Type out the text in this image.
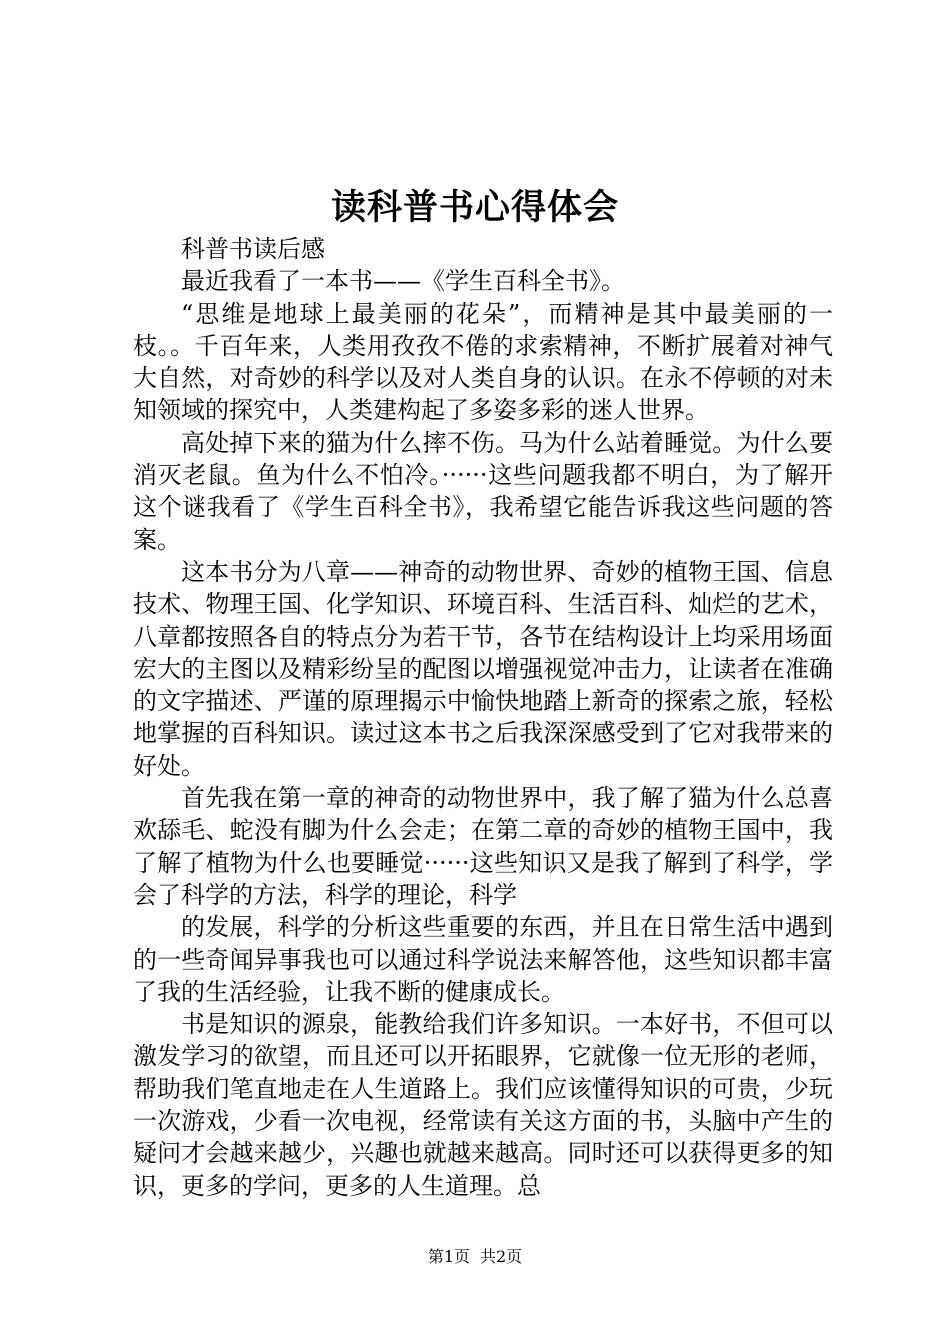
读科普书心得体会

科普书读后感

最近我看了一本书——《学生百科全书》。

“思维是地球上最美丽的花朵”，而精神是其中最美丽的一枝。。千百年来，人类用孜孜不倦的求索精神，不断扩展着对神气大自然，对奇妙的科学以及对人类自身的认识。在永不停顿的对未知领域的探究中，人类建构起了多姿多彩的迷人世界。

高处掉下来的猫为什么摔不伤。马为什么站着睡觉。为什么要消灭老鼠。鱼为什么不怕冷。······这些问题我都不明白，为了解开这个谜我看了《学生百科全书》，我希望它能告诉我这些问题的答案。

这本书分为八章——神奇的动物世界、奇妙的植物王国、信息技术、物理王国、化学知识、环境百科、生活百科、灿烂的艺术，八章都按照各自的特点分为若干节，各节在结构设计上均采用场面宏大的主图以及精彩纷呈的配图以增强视觉冲击力，让读者在准确的文字描述、严谨的原理揭示中愉快地踏上新奇的探索之旅，轻松地掌握的百科知识。读过这本书之后我深深感受到了它对我带来的好处。

首先我在第一章的神奇的动物世界中，我了解了猫为什么总喜欢舔毛、蛇没有脚为什么会走；在第二章的奇妙的植物王国中，我了解了植物为什么也要睡觉······这些知识又是我了解到了科学，学会了科学的方法，科学的理论，科学

的发展，科学的分析这些重要的东西，并且在日常生活中遇到的一些奇闻异事我也可以通过科学说法来解答他，这些知识都丰富了我的生活经验，让我不断的健康成长。

书是知识的源泉，能教给我们许多知识。一本好书，不但可以激发学习的欲望，而且还可以开拓眼界，它就像一位无形的老师，帮助我们笔直地走在人生道路上。我们应该懂得知识的可贵，少玩一次游戏，少看一次电视，经常读有关这方面的书，头脑中产生的疑问才会越来越少，兴趣也就越来越高。同时还可以获得更多的知识，更多的学问，更多的人生道理。总

第1页 共2页
